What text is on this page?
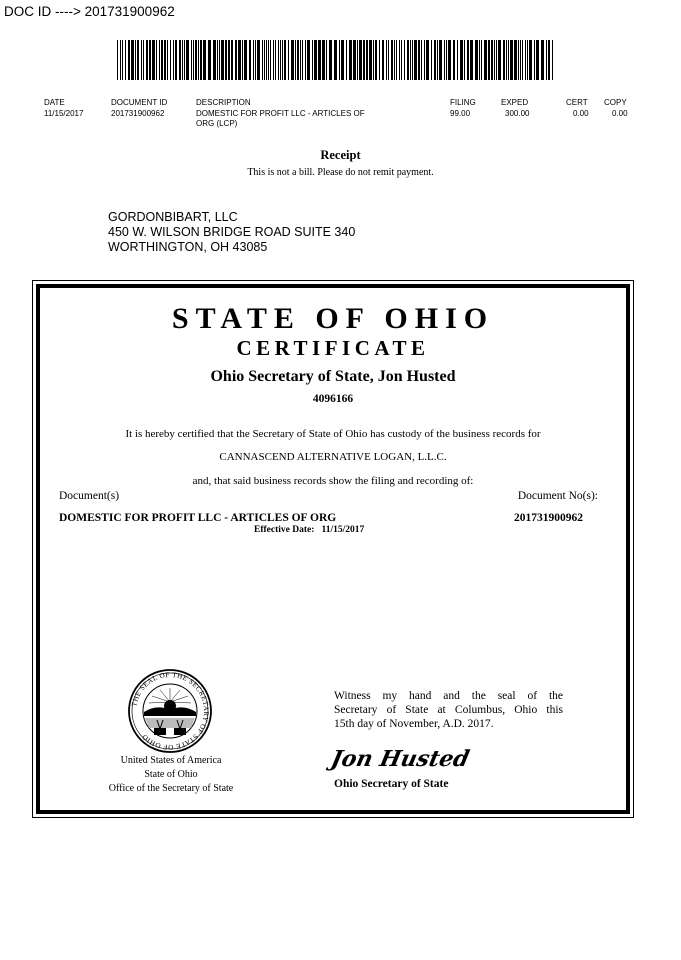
DOC ID ----> 201731900962
DATE	DOCUMENT ID	DESCRIPTION	FILING	EXPED	CERT COPY
11/15/2017	201731900962	DOMESTIC FOR PROFIT LLC - ARTICLES OF
ORG (LCP)
99.00	300.00	0.00	0.00
Receipt
This is not a bill. Please do not remit payment.
GORDONBIBART, LLC
450 W. WILSON BRIDGE ROAD SUITE 340
WORTHINGTON, OH 43085
STATE OF OHIO
CERTIFICATE
Ohio Secretary of State, Jon Husted
4096166
It is hereby certified that the Secretary of State of Ohio has custody of the business records for
CANNASCEND ALTERNATIVE LOGAN, L.L.C.
and, that said business records show the filing and recording of:
Document(s)	Document No(s):
DOMESTIC FOR PROFIT LLC - ARTICLES OF ORG
Effective Date: 11/15/2017
201731900962
THE SEAL OF THE SECRETARY OF STATE OF OHIO
United States of America
State of Ohio
Office of the Secretary of State
Witness my hand and the seal of the
Secretary of State at Columbus, Ohio this
15th day of November, A.D. 2017.
Jon Husted
Ohio Secretary of State
